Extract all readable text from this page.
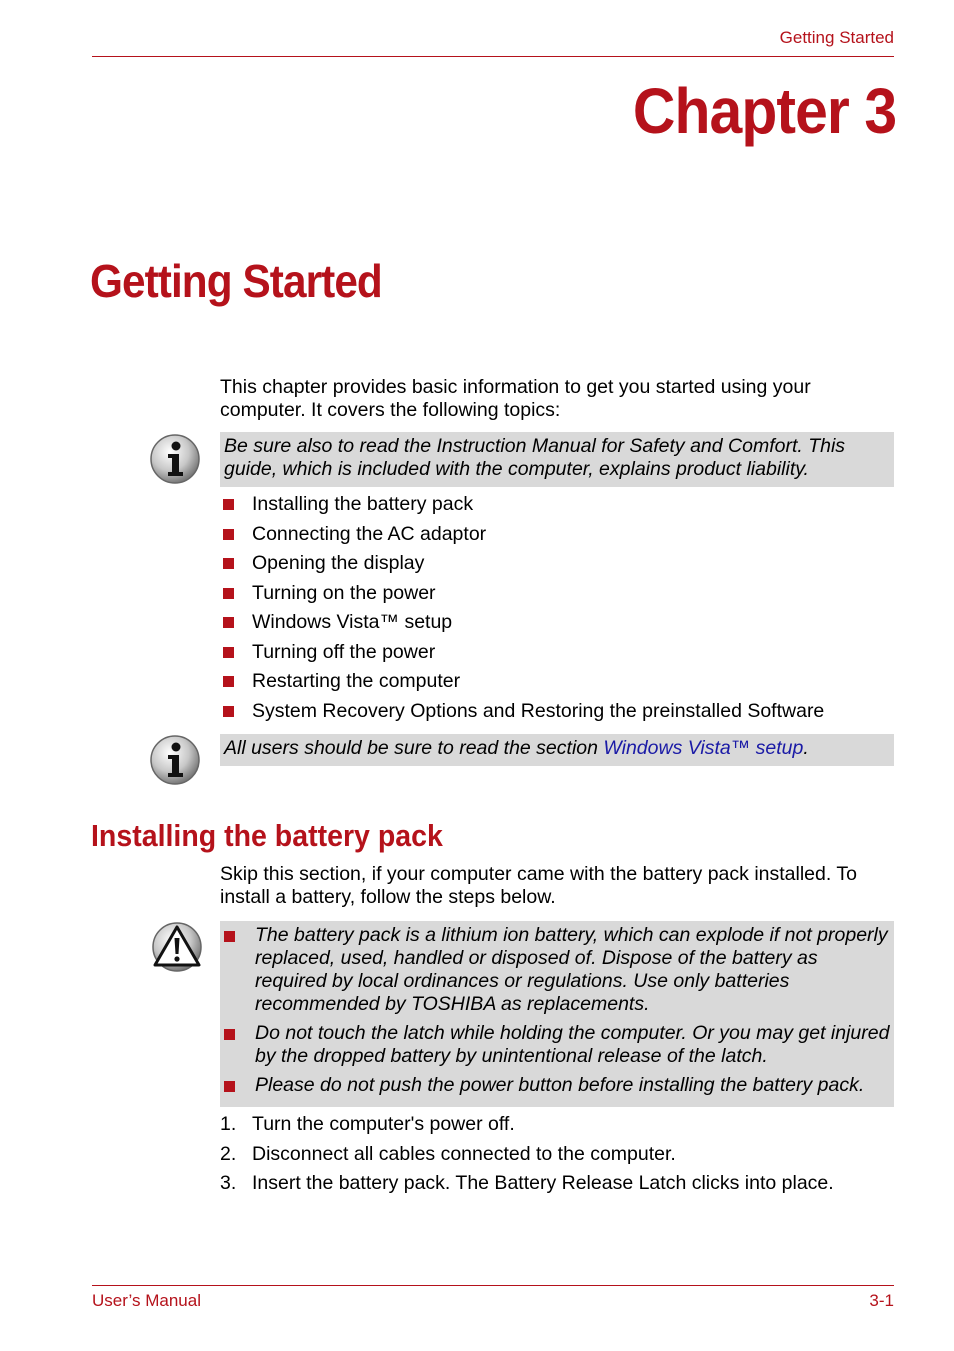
Getting Started
Chapter 3
Getting Started
This chapter provides basic information to get you started using your computer. It covers the following topics:
Be sure also to read the Instruction Manual for Safety and Comfort. This guide, which is included with the computer, explains product liability.
Installing the battery pack
Connecting the AC adaptor
Opening the display
Turning on the power
Windows Vista™ setup
Turning off the power
Restarting the computer
System Recovery Options and Restoring the preinstalled Software
All users should be sure to read the section Windows Vista™ setup.
Installing the battery pack
Skip this section, if your computer came with the battery pack installed. To install a battery, follow the steps below.
The battery pack is a lithium ion battery, which can explode if not properly replaced, used, handled or disposed of. Dispose of the battery as required by local ordinances or regulations. Use only batteries recommended by TOSHIBA as replacements.
Do not touch the latch while holding the computer. Or you may get injured by the dropped battery by unintentional release of the latch.
Please do not push the power button before installing the battery pack.
1. Turn the computer's power off.
2. Disconnect all cables connected to the computer.
3. Insert the battery pack. The Battery Release Latch clicks into place.
User’s Manual	3-1
